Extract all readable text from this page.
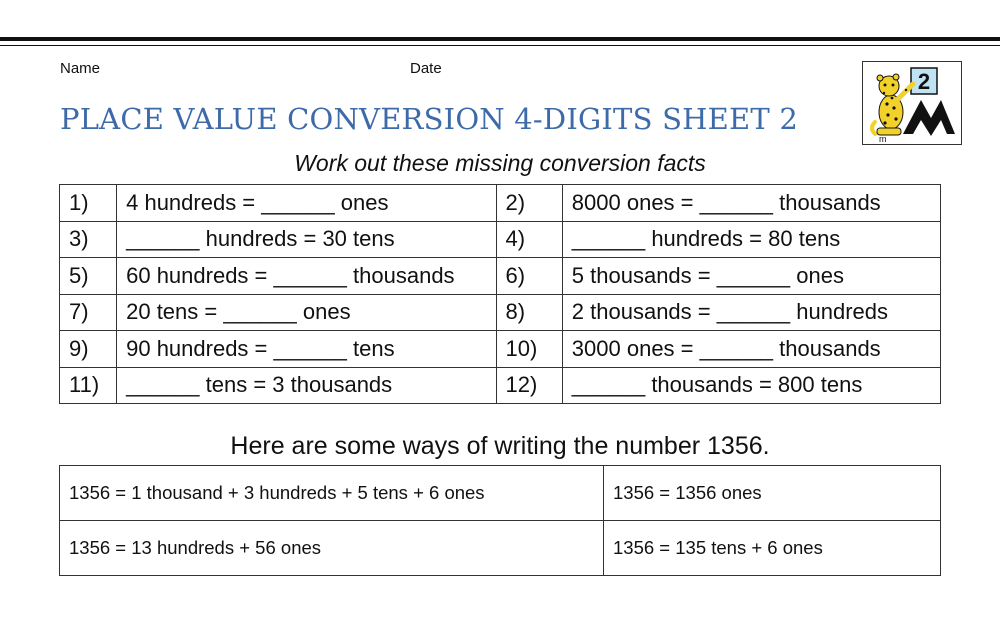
Name	Date
PLACE VALUE CONVERSION 4-DIGITS SHEET 2
2
m
Work out these missing conversion facts
1)	4 hundreds = ______ ones	2)	8000 ones = ______ thousands
3)	______ hundreds = 30 tens	4)	______ hundreds = 80 tens
5)	60 hundreds = ______ thousands	6)	5 thousands = ______ ones
7)	20 tens = ______ ones	8)	2 thousands = ______ hundreds
9)	90 hundreds = ______ tens	10)	3000 ones = ______ thousands
11)	______ tens = 3 thousands	12)	______ thousands = 800 tens
Here are some ways of writing the number 1356.
1356 = 1 thousand + 3 hundreds + 5 tens + 6 ones	1356 = 1356 ones
1356 = 13 hundreds + 56 ones	1356 = 135 tens + 6 ones
